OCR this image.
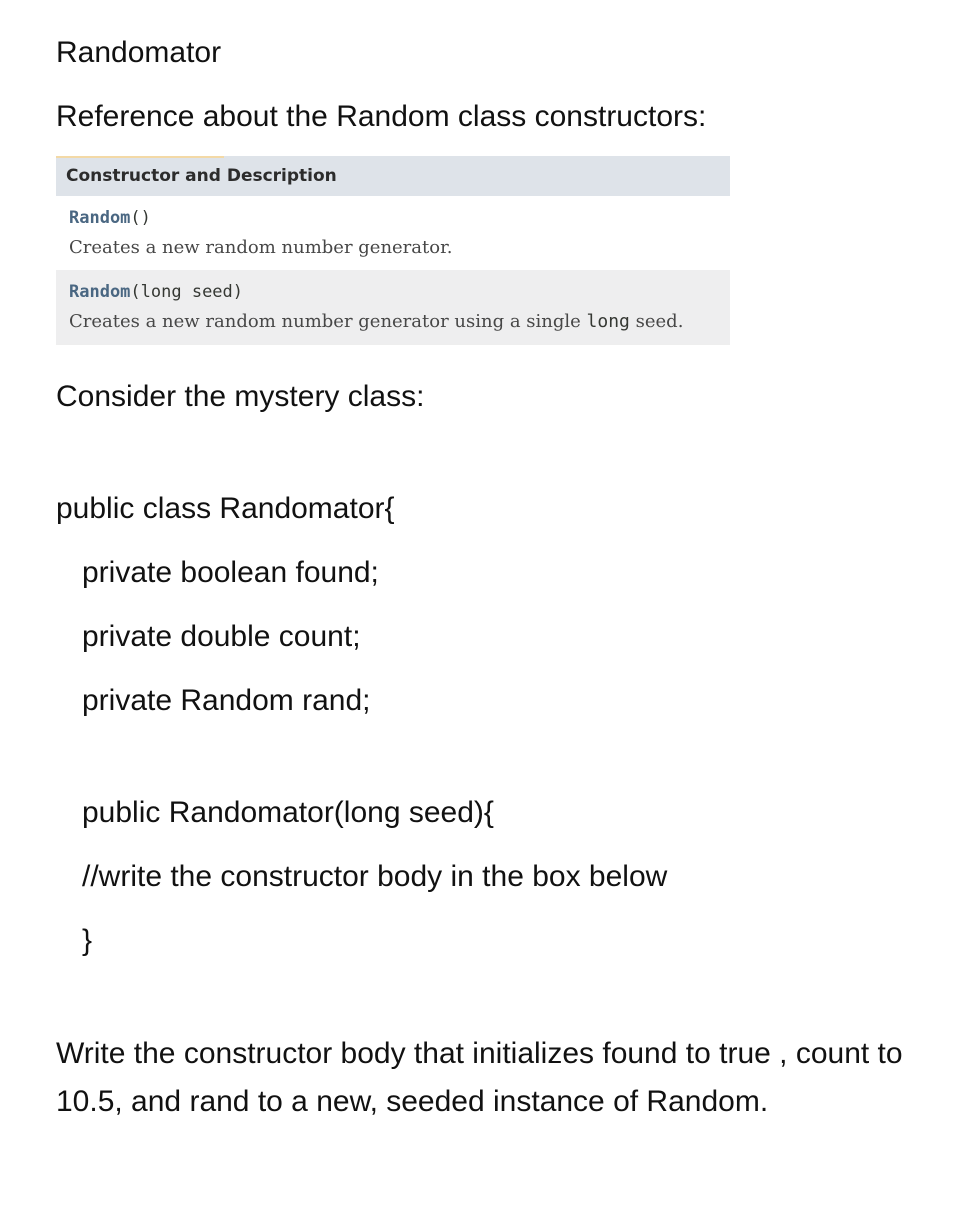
Randomator
Reference about the Random class constructors:
Constructor and Description
Random()
Creates a new random number generator.
Random(long seed)
Creates a new random number generator using a single long seed.
Consider the mystery class:
public class Randomator{
private boolean found;
private double count;
private Random rand;
public Randomator(long seed){
//write the constructor body in the box below
}
Write the constructor body that initializes found to true , count to 10.5, and rand to a new, seeded instance of Random.
